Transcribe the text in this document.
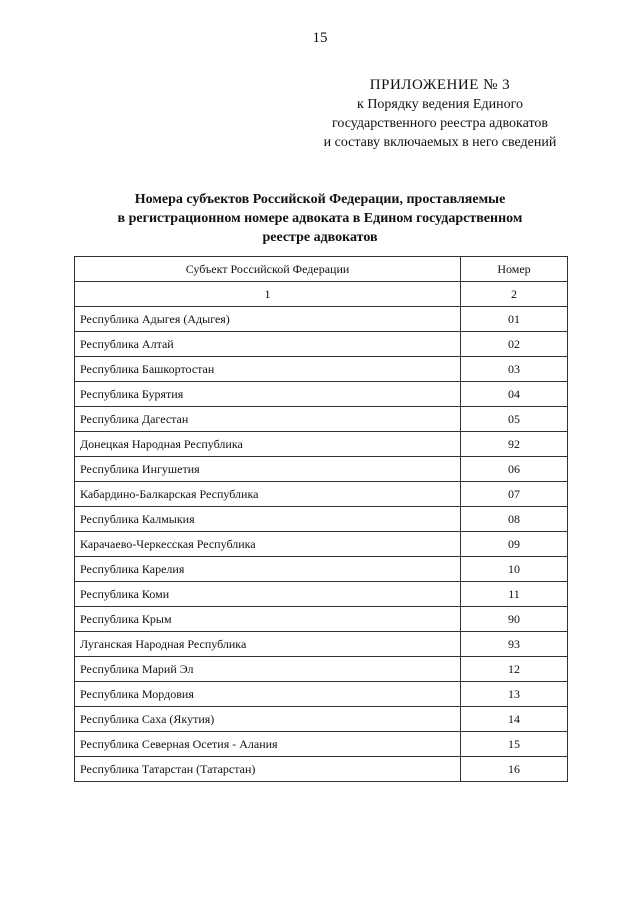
15
ПРИЛОЖЕНИЕ № 3
к Порядку ведения Единого
государственного реестра адвокатов
и составу включаемых в него сведений
Номера субъектов Российской Федерации, проставляемые
в регистрационном номере адвоката в Едином государственном
реестре адвокатов
Субъект Российской Федерации	Номер
1	2
Республика Адыгея (Адыгея)	01
Республика Алтай	02
Республика Башкортостан	03
Республика Бурятия	04
Республика Дагестан	05
Донецкая Народная Республика	92
Республика Ингушетия	06
Кабардино-Балкарская Республика	07
Республика Калмыкия	08
Карачаево-Черкесская Республика	09
Республика Карелия	10
Республика Коми	11
Республика Крым	90
Луганская Народная Республика	93
Республика Марий Эл	12
Республика Мордовия	13
Республика Саха (Якутия)	14
Республика Северная Осетия - Алания	15
Республика Татарстан (Татарстан)	16
